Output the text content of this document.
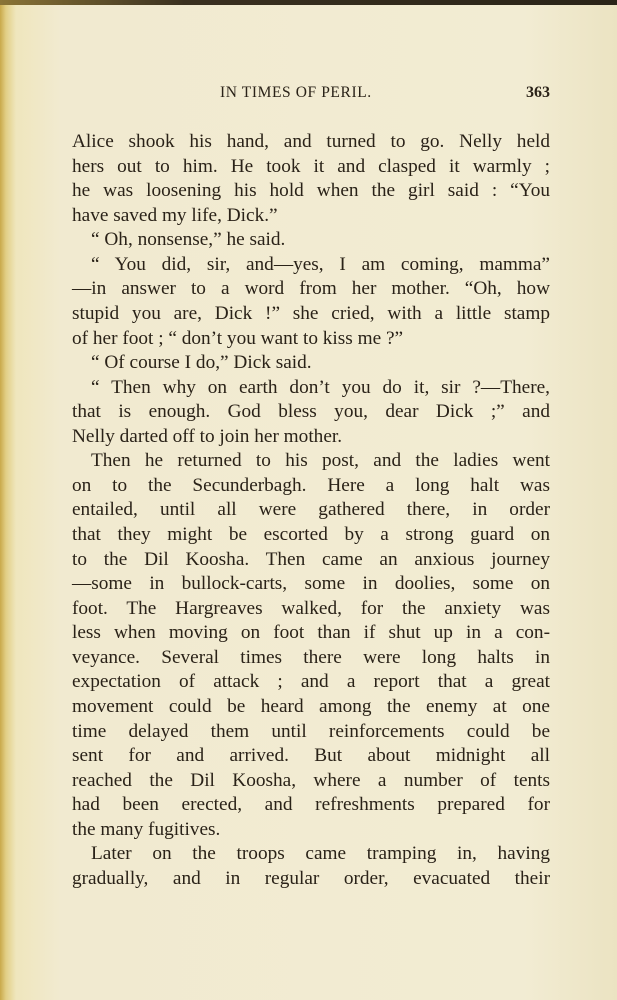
IN TIMES OF PERIL.	363
Alice shook his hand, and turned to go. Nelly held
hers out to him. He took it and clasped it warmly ;
he was loosening his hold when the girl said : “You
have saved my life, Dick.”
“ Oh, nonsense,” he said.
“ You did, sir, and—yes, I am coming, mamma”
—in answer to a word from her mother. “Oh, how
stupid you are, Dick !” she cried, with a little stamp
of her foot ; “ don’t you want to kiss me ?”
“ Of course I do,” Dick said.
“ Then why on earth don’t you do it, sir ?—There,
that is enough. God bless you, dear Dick ;” and
Nelly darted off to join her mother.
Then he returned to his post, and the ladies went
on to the Secunderbagh. Here a long halt was
entailed, until all were gathered there, in order
that they might be escorted by a strong guard on
to the Dil Koosha. Then came an anxious journey
—some in bullock-carts, some in doolies, some on
foot. The Hargreaves walked, for the anxiety was
less when moving on foot than if shut up in a con-
veyance. Several times there were long halts in
expectation of attack ; and a report that a great
movement could be heard among the enemy at one
time delayed them until reinforcements could be
sent for and arrived. But about midnight all
reached the Dil Koosha, where a number of tents
had been erected, and refreshments prepared for
the many fugitives.
Later on the troops came tramping in, having
gradually, and in regular order, evacuated their
